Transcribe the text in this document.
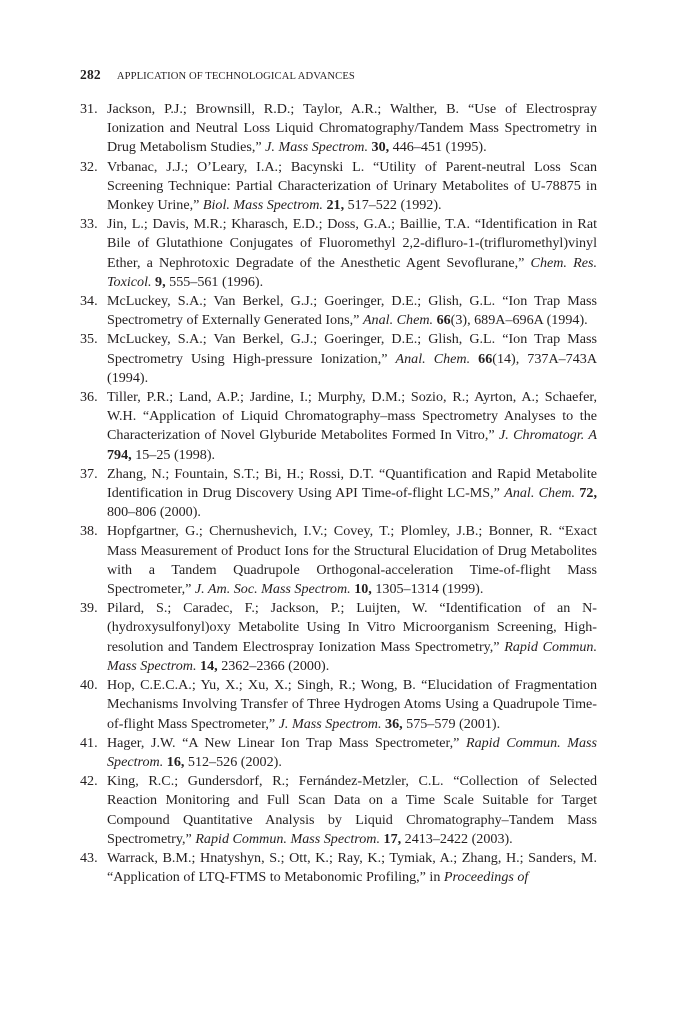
282 APPLICATION OF TECHNOLOGICAL ADVANCES
31. Jackson, P.J.; Brownsill, R.D.; Taylor, A.R.; Walther, B. “Use of Electrospray Ionization and Neutral Loss Liquid Chromatography/Tandem Mass Spectrometry in Drug Metabolism Studies,” J. Mass Spectrom. 30, 446–451 (1995).
32. Vrbanac, J.J.; O’Leary, I.A.; Bacynski L. “Utility of Parent-neutral Loss Scan Screening Technique: Partial Characterization of Urinary Metabolites of U-78875 in Monkey Urine,” Biol. Mass Spectrom. 21, 517–522 (1992).
33. Jin, L.; Davis, M.R.; Kharasch, E.D.; Doss, G.A.; Baillie, T.A. “Identification in Rat Bile of Glutathione Conjugates of Fluoromethyl 2,2-difluro-1-(trifluromethyl)vinyl Ether, a Nephrotoxic Degradate of the Anesthetic Agent Sevoflurane,” Chem. Res. Toxicol. 9, 555–561 (1996).
34. McLuckey, S.A.; Van Berkel, G.J.; Goeringer, D.E.; Glish, G.L. “Ion Trap Mass Spectrometry of Externally Generated Ions,” Anal. Chem. 66(3), 689A–696A (1994).
35. McLuckey, S.A.; Van Berkel, G.J.; Goeringer, D.E.; Glish, G.L. “Ion Trap Mass Spectrometry Using High-pressure Ionization,” Anal. Chem. 66(14), 737A–743A (1994).
36. Tiller, P.R.; Land, A.P.; Jardine, I.; Murphy, D.M.; Sozio, R.; Ayrton, A.; Schaefer, W.H. “Application of Liquid Chromatography–mass Spectrometry Analyses to the Characterization of Novel Glyburide Metabolites Formed In Vitro,” J. Chromatogr. A 794, 15–25 (1998).
37. Zhang, N.; Fountain, S.T.; Bi, H.; Rossi, D.T. “Quantification and Rapid Metabolite Identification in Drug Discovery Using API Time-of-flight LC-MS,” Anal. Chem. 72, 800–806 (2000).
38. Hopfgartner, G.; Chernushevich, I.V.; Covey, T.; Plomley, J.B.; Bonner, R. “Exact Mass Measurement of Product Ions for the Structural Elucidation of Drug Metabolites with a Tandem Quadrupole Orthogonal-acceleration Time-of-flight Mass Spectrometer,” J. Am. Soc. Mass Spectrom. 10, 1305–1314 (1999).
39. Pilard, S.; Caradec, F.; Jackson, P.; Luijten, W. “Identification of an N-(hydroxysulfonyl)oxy Metabolite Using In Vitro Microorganism Screening, High-resolution and Tandem Electrospray Ionization Mass Spectrometry,” Rapid Commun. Mass Spectrom. 14, 2362–2366 (2000).
40. Hop, C.E.C.A.; Yu, X.; Xu, X.; Singh, R.; Wong, B. “Elucidation of Fragmentation Mechanisms Involving Transfer of Three Hydrogen Atoms Using a Quadrupole Time-of-flight Mass Spectrometer,” J. Mass Spectrom. 36, 575–579 (2001).
41. Hager, J.W. “A New Linear Ion Trap Mass Spectrometer,” Rapid Commun. Mass Spectrom. 16, 512–526 (2002).
42. King, R.C.; Gundersdorf, R.; Fernández-Metzler, C.L. “Collection of Selected Reaction Monitoring and Full Scan Data on a Time Scale Suitable for Target Compound Quantitative Analysis by Liquid Chromatography–Tandem Mass Spectrometry,” Rapid Commun. Mass Spectrom. 17, 2413–2422 (2003).
43. Warrack, B.M.; Hnatyshyn, S.; Ott, K.; Ray, K.; Tymiak, A.; Zhang, H.; Sanders, M. “Application of LTQ-FTMS to Metabonomic Profiling,” in Proceedings of
